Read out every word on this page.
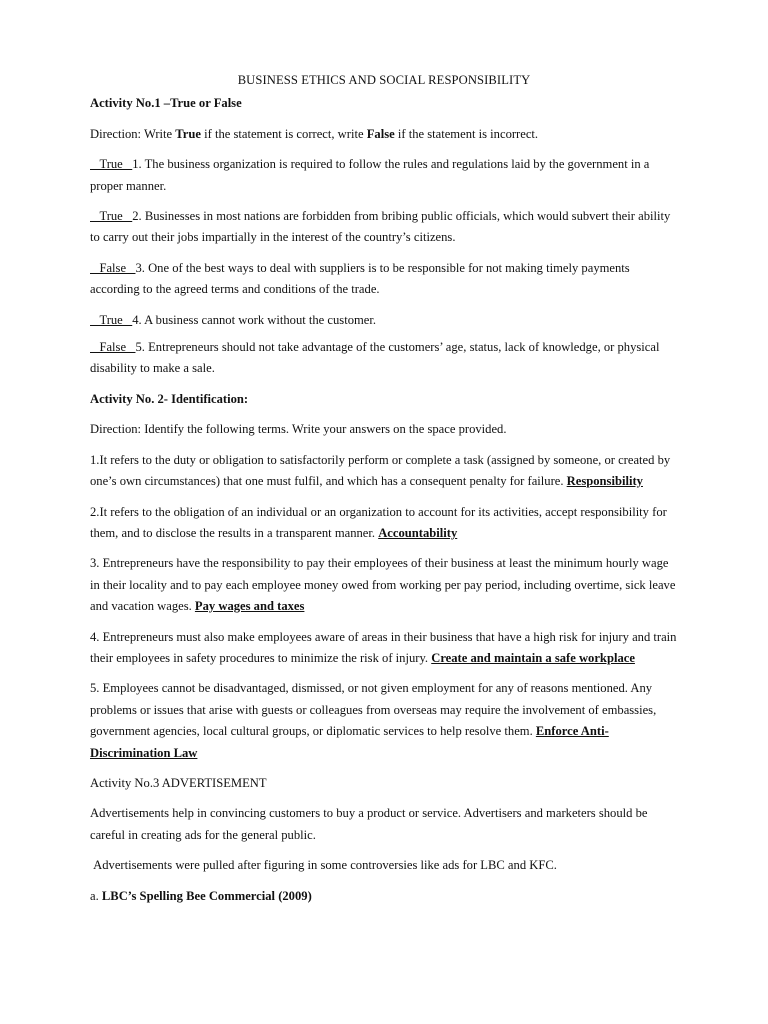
BUSINESS ETHICS AND SOCIAL RESPONSIBILITY

Activity No.1 –True or False

Direction: Write True if the statement is correct, write False if the statement is incorrect.

True   1. The business organization is required to follow the rules and regulations laid by the government in a proper manner.

True   2. Businesses in most nations are forbidden from bribing public officials, which would subvert their ability to carry out their jobs impartially in the interest of the country’s citizens.

False   3. One of the best ways to deal with suppliers is to be responsible for not making timely payments according to the agreed terms and conditions of the trade.

True   4. A business cannot work without the customer.

False   5. Entrepreneurs should not take advantage of the customers’ age, status, lack of knowledge, or physical disability to make a sale.

Activity No. 2- Identification:

Direction: Identify the following terms. Write your answers on the space provided.

1.It refers to the duty or obligation to satisfactorily perform or complete a task (assigned by someone, or created by one’s own circumstances) that one must fulfil, and which has a consequent penalty for failure. Responsibility

2.It refers to the obligation of an individual or an organization to account for its activities, accept responsibility for them, and to disclose the results in a transparent manner. Accountability

3. Entrepreneurs have the responsibility to pay their employees of their business at least the minimum hourly wage in their locality and to pay each employee money owed from working per pay period, including overtime, sick leave and vacation wages. Pay wages and taxes

4. Entrepreneurs must also make employees aware of areas in their business that have a high risk for injury and train their employees in safety procedures to minimize the risk of injury. Create and maintain a safe workplace

5. Employees cannot be disadvantaged, dismissed, or not given employment for any of reasons mentioned. Any problems or issues that arise with guests or colleagues from overseas may require the involvement of embassies, government agencies, local cultural groups, or diplomatic services to help resolve them. Enforce Anti-Discrimination Law

Activity No.3 ADVERTISEMENT

Advertisements help in convincing customers to buy a product or service. Advertisers and marketers should be careful in creating ads for the general public.

Advertisements were pulled after figuring in some controversies like ads for LBC and KFC.

a. LBC’s Spelling Bee Commercial (2009)
